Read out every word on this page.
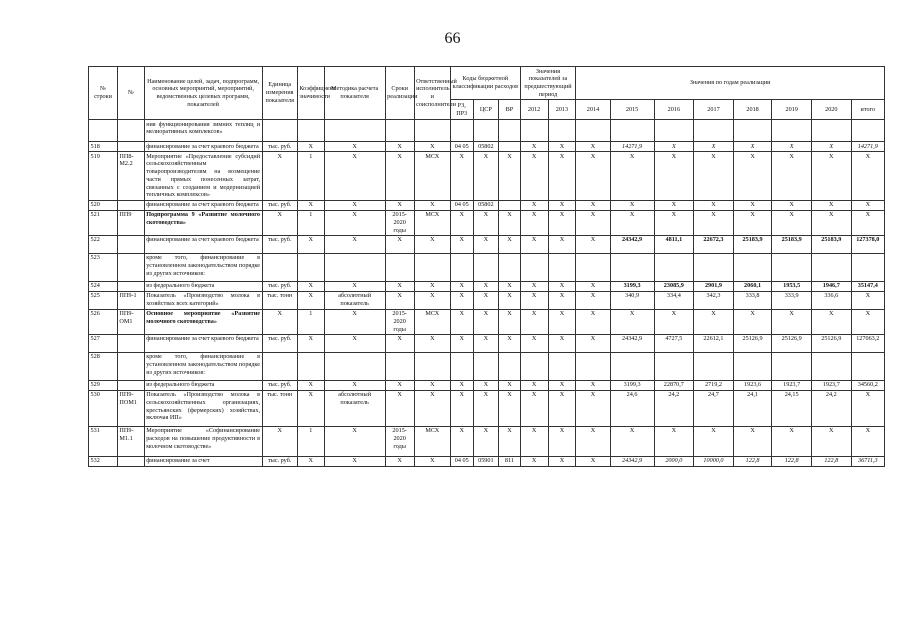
66
№ строки	№	Наименование целей, задач, подпрограмм, основных мероприятий, мероприятий, ведомственных целевых программ, показателей	Единица измерения показателя	Коэффициент значимости	Методика расчета показателя	Сроки реализации	Ответственный исполнитель и соисполнители	Коды бюджетной классификации расходов			Значения показателей за предшествующий период		Значения по годам реализации							
								РЗ, ПР3	ЦСР	ВР	2012	2013	2014	2015	2016	2017	2018	2019	2020	итого
		ния функционирования зимних теплиц и мелиоративных комплексов»																		
518		финансирование за счет краевого бюджета	тыс. руб.	X	X	X	X	04 05	05802		X	X	X	14271,9	X	X	X	X	X	14271,9
519	ПП8-М2.2	Мероприятие «Предоставление субсидий сельскохозяйственным товаропроизводителям на возмещение части прямых понесенных затрат, связанных с созданием и модернизацией тепличных комплексов»	X	1	X	X	МСХ	X	X	X	X	X	X	X	X	X	X	X	X	X
520		финансирование за счет краевого бюджета	тыс. руб.	X	X	X	X	04 05	05802		X	X	X	X	X	X	X	X	X	X
521	ПП9	Подпрограмма 9 «Развитие молочного скотоводства»	X	1	X	2015-2020 годы	МСХ	X	X	X	X	X	X	X	X	X	X	X	X	X
522		финансирование за счет краевого бюджета	тыс. руб.	X	X	X	X	X	X	X	X	X	X	24342,9	4811,1	22672,3	25183,9	25183,9	25183,9	127378,0
523		кроме того, финансирование в установленном законодательством порядке из других источников:																		
524		из федерального бюджета	тыс. руб.	X	X	X	X	X	X	X	X	X	X	3199,3	23085,9	2901,9	2060,1	1953,5	1946,7	35147,4
525	ПП9-1	Показатель «Производство молока в хозяйствах всех категорий»	тыс. тонн	X	абсолютный показатель	X	X	X	X	X	X	X	X	340,9	334,4	342,3	333,8	333,9	336,6	X
526	ПП9-ОМ1	Основное мероприятие «Развитие молочного скотоводства»	X	1	X	2015-2020 годы	МСХ	X	X	X	X	X	X	X	X	X	X	X	X	X
527		финансирование за счет краевого бюджета	тыс. руб.	X	X	X	X	X	X	X	X	X	X	24342,9	4727,5	22612,1	25126,9	25126,9	25126,9	127063,2
528		кроме того, финансирование в установленном законодательством порядке из других источников:																		
529		из федерального бюджета	тыс. руб.	X	X	X	X	X	X	X	X	X	X	3199,3	22870,7	2719,2	1923,6	1923,7	1923,7	34560,2
530	ПП9-ПОМ1	Показатель «Производство молока в сельскохозяйственных организациях, крестьянских (фермерских) хозяйствах, включая ИП»	тыс. тонн	X	абсолютный показатель	X	X	X	X	X	X	X	X	24,6	24,2	24,7	24,1	24,15	24,2	X
531	ПП9-М1.1	Мероприятие «Софинансирование расходов на повышение продуктивности в молочном скотоводстве»	X	1	X	2015-2020 годы	МСХ	X	X	X	X	X	X	X	X	X	X	X	X	X
532		финансирование за счет	тыс. руб.	X	X	X	X	04 05	05901	811	X	X	X	24342,9	2000,0	10000,0	122,8	122,8	122,8	36711,3
